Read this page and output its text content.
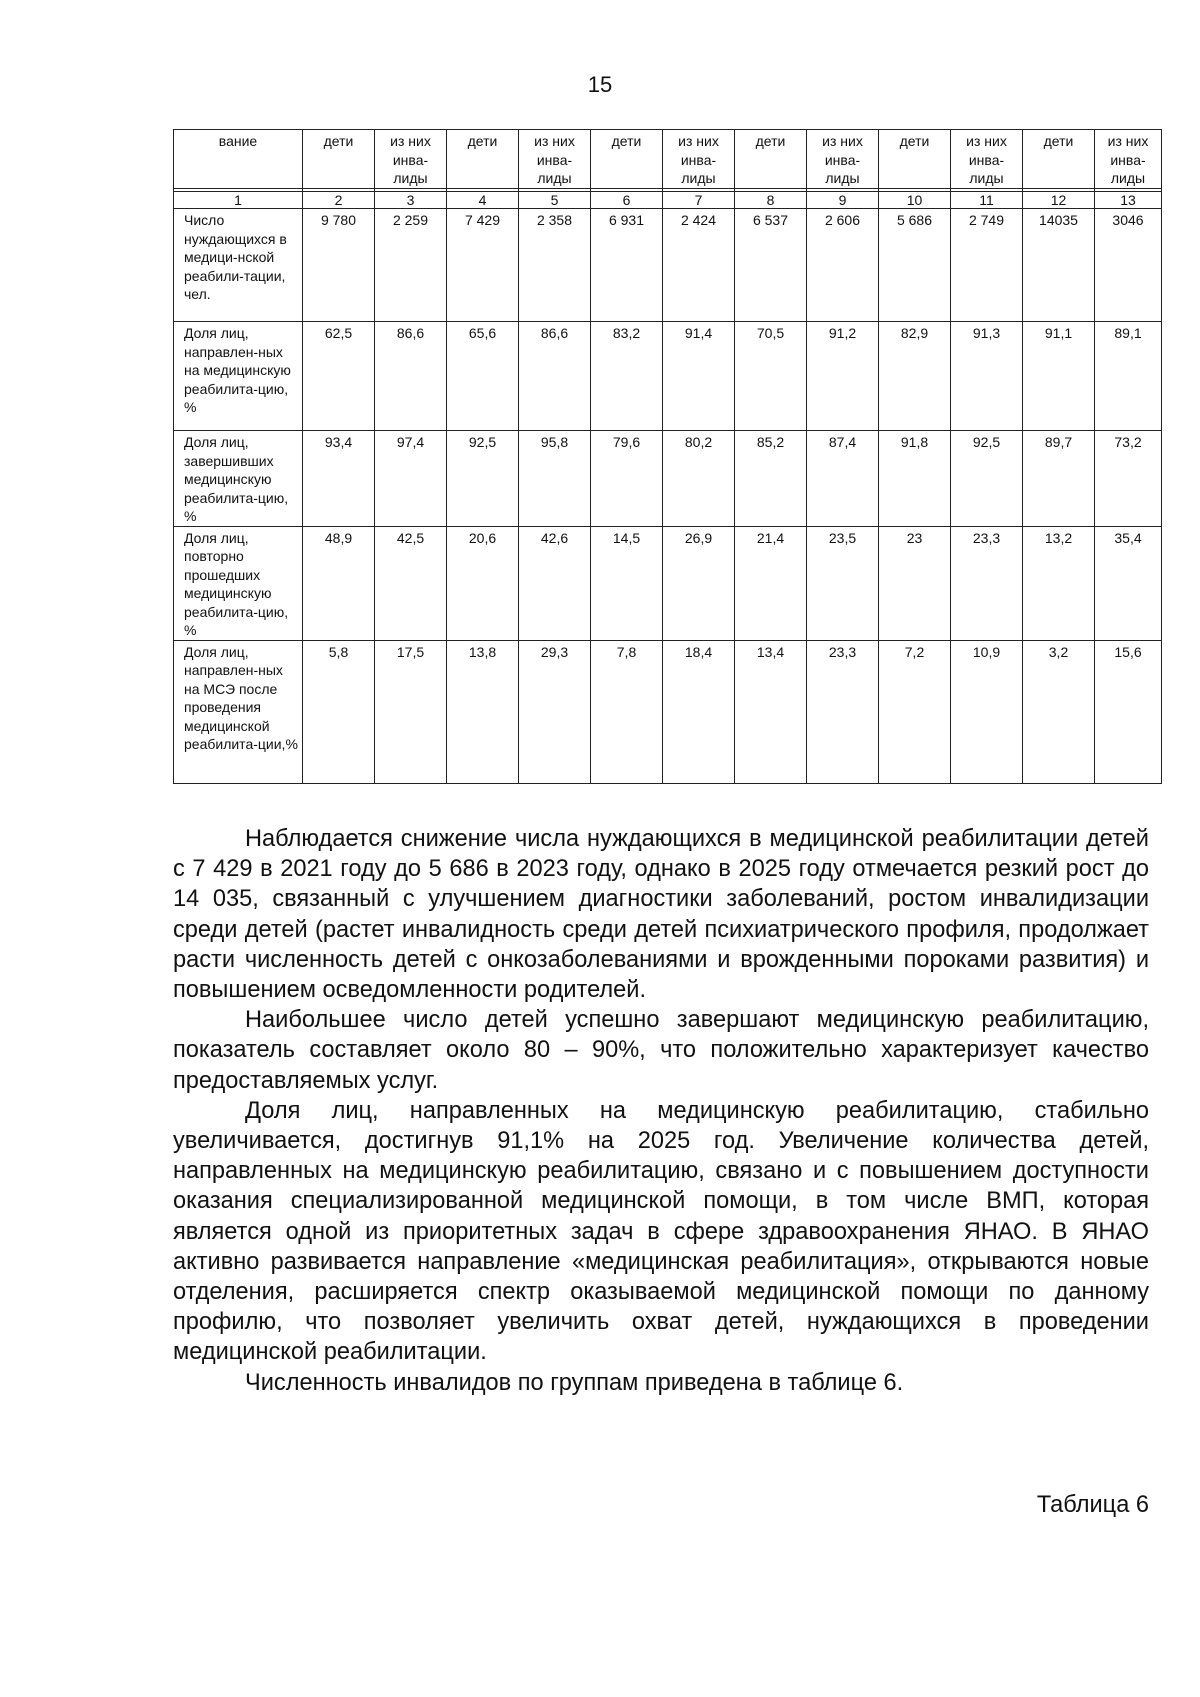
15
вание	дети	из них инва-лиды	дети	из них инва-лиды	дети	из них инва-лиды	дети	из них инва-лиды	дети	из них инва-лиды	дети	из них инва-лиды

1	2	3	4	5	6	7	8	9	10	11	12	13
Число нуждающихся в медици-нской реабили-тации, чел.	9 780	2 259	7 429	2 358	6 931	2 424	6 537	2 606	5 686	2 749	14035	3046
Доля лиц, направлен-ных на медицинскую реабилита-цию, %	62,5	86,6	65,6	86,6	83,2	91,4	70,5	91,2	82,9	91,3	91,1	89,1
Доля лиц, завершивших медицинскую реабилита-цию, %	93,4	97,4	92,5	95,8	79,6	80,2	85,2	87,4	91,8	92,5	89,7	73,2
Доля лиц, повторно прошедших медицинскую реабилита-цию, %	48,9	42,5	20,6	42,6	14,5	26,9	21,4	23,5	23	23,3	13,2	35,4
Доля лиц, направлен-ных на МСЭ после проведения медицинской реабилита-ции,%	5,8	17,5	13,8	29,3	7,8	18,4	13,4	23,3	7,2	10,9	3,2	15,6

Наблюдается снижение числа нуждающихся в медицинской реабилитации детей с 7 429 в 2021 году до 5 686 в 2023 году, однако в 2025 году отмечается резкий рост до 14 035, связанный с улучшением диагностики заболеваний, ростом инвалидизации среди детей (растет инвалидность среди детей психиатрического профиля, продолжает расти численность детей с онкозаболеваниями и врожденными пороками развития) и повышением осведомленности родителей.

Наибольшее число детей успешно завершают медицинскую реабилитацию, показатель составляет около 80 – 90%, что положительно характеризует качество предоставляемых услуг.

Доля лиц, направленных на медицинскую реабилитацию, стабильно увеличивается, достигнув 91,1% на 2025 год. Увеличение количества детей, направленных на медицинскую реабилитацию, связано и с повышением доступности оказания специализированной медицинской помощи, в том числе ВМП, которая является одной из приоритетных задач в сфере здравоохранения ЯНАО. В ЯНАО активно развивается направление «медицинская реабилитация», открываются новые отделения, расширяется спектр оказываемой медицинской помощи по данному профилю, что позволяет увеличить охват детей, нуждающихся в проведении медицинской реабилитации.

Численность инвалидов по группам приведена в таблице 6.

Таблица 6
